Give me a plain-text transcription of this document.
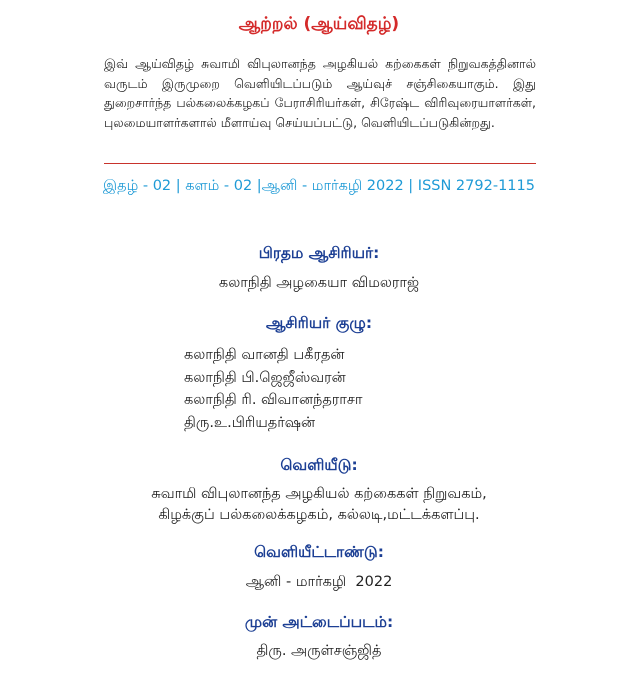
ஆற்றல் (ஆய்விதழ்)
இவ் ஆய்விதழ் சுவாமி விபுலானந்த அழகியல் கற்கைகள் நிறுவகத்தினால் வருடம் இருமுறை வெளியிடப்படும் ஆய்வுச் சஞ்சிகையாகும். இது துறைசார்ந்த பல்கலைக்கழகப் பேராசிரியர்கள், சிரேஷ்ட விரிவுரையாளர்கள், புலமையாளர்களால் மீளாய்வு செய்யப்பட்டு, வெளியிடப்படுகின்றது.
இதழ் - 02 | களம் - 02 |ஆனி - மார்கழி 2022 | ISSN 2792-1115
பிரதம ஆசிரியர்:
கலாநிதி அழகையா விமலராஜ்
ஆசிரியர் குழு:
கலாநிதி வானதி பகீரதன்
கலாநிதி பி.ஜெஜீஸ்வரன்
கலாநிதி ரி. விவானந்தராசா
திரு.உ.பிரியதர்ஷன்
வெளியீடு:
சுவாமி விபுலானந்த அழகியல் கற்கைகள் நிறுவகம்,
கிழக்குப் பல்கலைக்கழகம், கல்லடி,மட்டக்களப்பு.
வெளியீட்டாண்டு:
ஆனி - மார்கழி  2022
முன் அட்டைப்படம்:
திரு. அருள்சஞ்ஜித்
